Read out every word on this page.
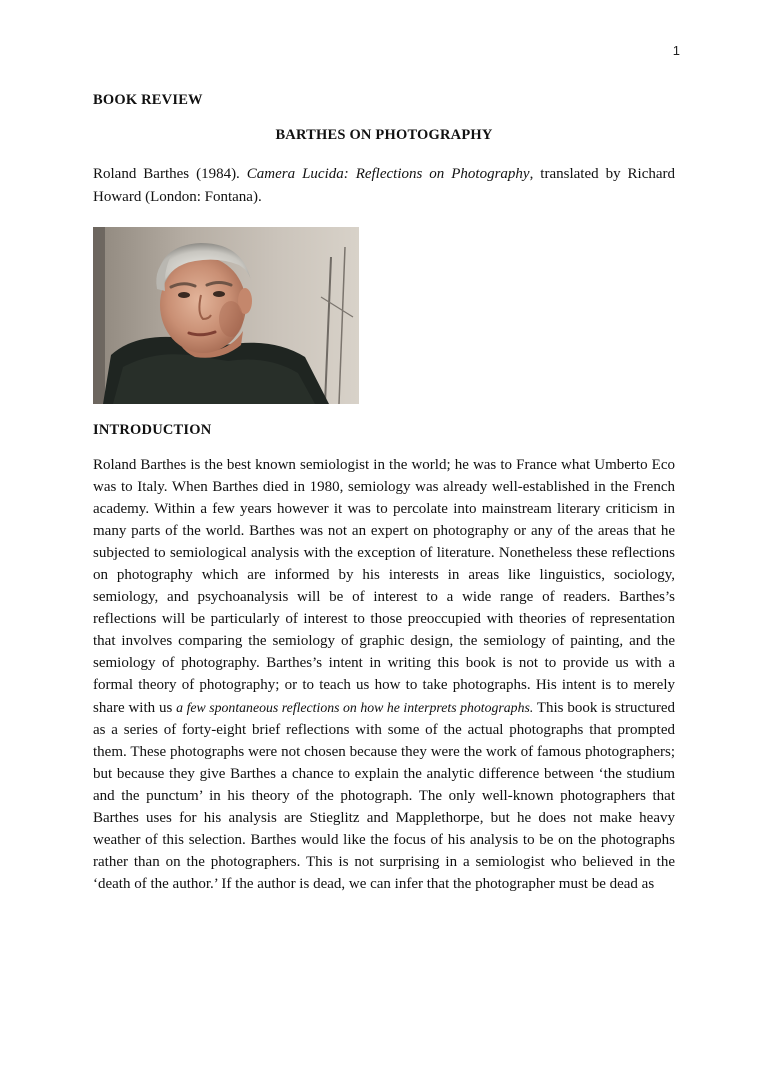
1

BOOK REVIEW

BARTHES ON PHOTOGRAPHY

Roland Barthes (1984). Camera Lucida: Reflections on Photography, translated by Richard Howard (London: Fontana).

INTRODUCTION

Roland Barthes is the best known semiologist in the world; he was to France what Umberto Eco was to Italy. When Barthes died in 1980, semiology was already well-established in the French academy. Within a few years however it was to percolate into mainstream literary criticism in many parts of the world. Barthes was not an expert on photography or any of the areas that he subjected to semiological analysis with the exception of literature. Nonetheless these reflections on photography which are informed by his interests in areas like linguistics, sociology, semiology, and psychoanalysis will be of interest to a wide range of readers. Barthes’s reflections will be particularly of interest to those preoccupied with theories of representation that involves comparing the semiology of graphic design, the semiology of painting, and the semiology of photography. Barthes’s intent in writing this book is not to provide us with a formal theory of photography; or to teach us how to take photographs. His intent is to merely share with us a few spontaneous reflections on how he interprets photographs. This book is structured as a series of forty-eight brief reflections with some of the actual photographs that prompted them. These photographs were not chosen because they were the work of famous photographers; but because they give Barthes a chance to explain the analytic difference between ‘the studium and the punctum’ in his theory of the photograph. The only well-known photographers that Barthes uses for his analysis are Stieglitz and Mapplethorpe, but he does not make heavy weather of this selection. Barthes would like the focus of his analysis to be on the photographs rather than on the photographers. This is not surprising in a semiologist who believed in the ‘death of the author.’ If the author is dead, we can infer that the photographer must be dead as
